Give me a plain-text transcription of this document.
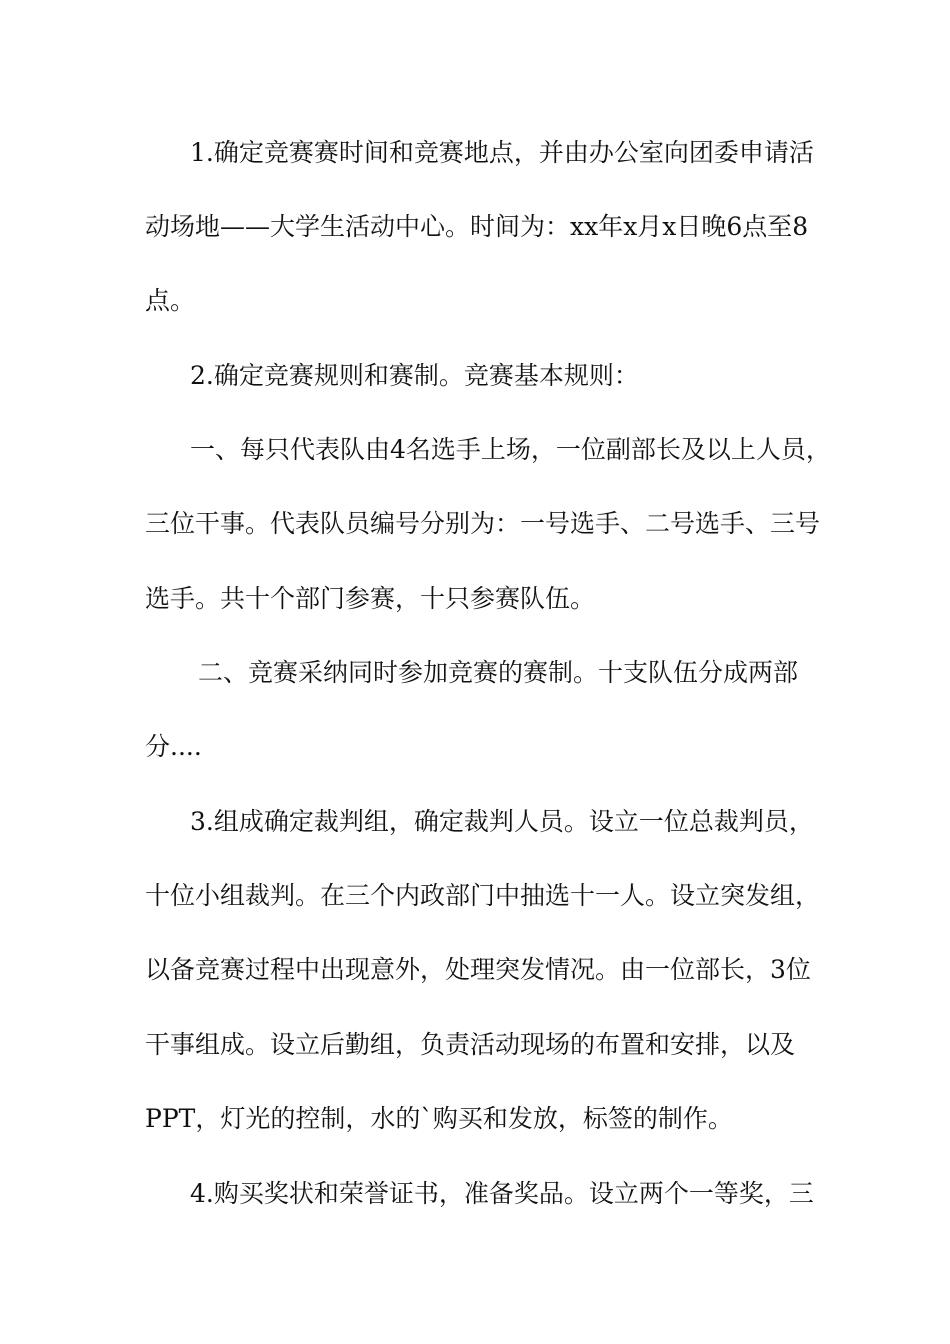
1.确定竞赛赛时间和竞赛地点，并由办公室向团委申请活
动场地——大学生活动中心。时间为：xx年x月x日晚6点至8
点。
2.确定竞赛规则和赛制。竞赛基本规则：
一、每只代表队由4名选手上场，一位副部长及以上人员，
三位干事。代表队员编号分别为：一号选手、二号选手、三号
选手。共十个部门参赛，十只参赛队伍。
二、竞赛采纳同时参加竞赛的赛制。十支队伍分成两部
分....
3.组成确定裁判组，确定裁判人员。设立一位总裁判员，
十位小组裁判。在三个内政部门中抽选十一人。设立突发组，
以备竞赛过程中出现意外，处理突发情况。由一位部长，3位
干事组成。设立后勤组，负责活动现场的布置和安排，以及
PPT，灯光的控制，水的`购买和发放，标签的制作。
4.购买奖状和荣誉证书，准备奖品。设立两个一等奖，三
